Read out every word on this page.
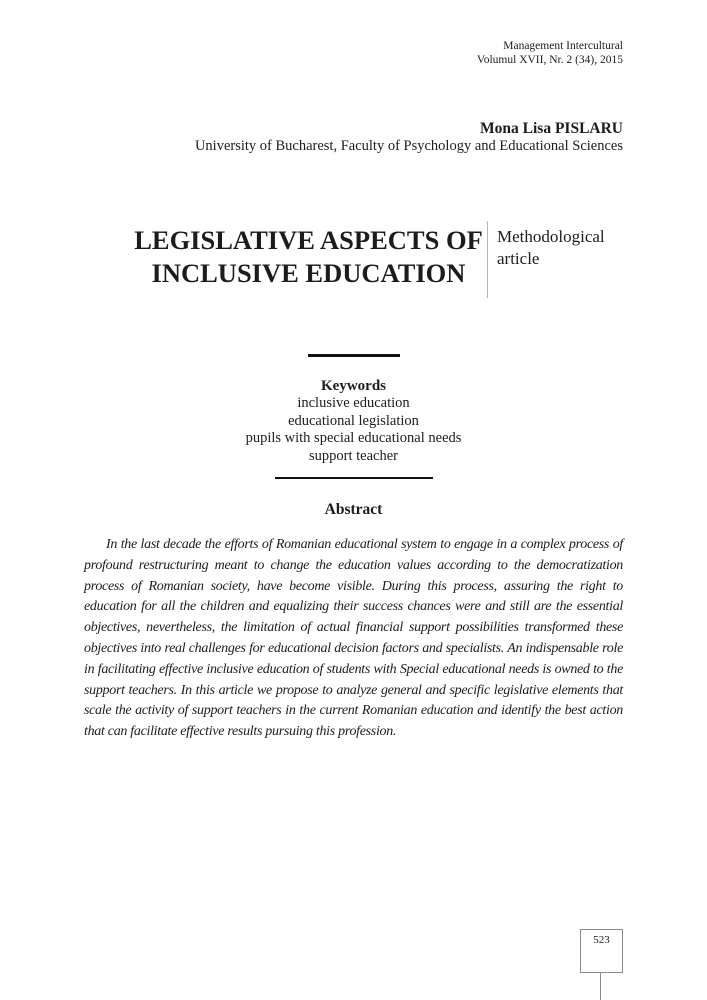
Management Intercultural
Volumul XVII, Nr. 2 (34), 2015
Mona Lisa PISLARU
University of Bucharest, Faculty of Psychology and Educational Sciences
LEGISLATIVE ASPECTS OF
INCLUSIVE EDUCATION
Methodological article
Keywords
inclusive education
educational legislation
pupils with special educational needs
support teacher
Abstract

In the last decade the efforts of Romanian educational system to engage in a complex process of profound restructuring meant to change the education values according to the democratization process of Romanian society, have become visible. During this process, assuring the right to education for all the children and equalizing their success chances were and still are the essential objectives, nevertheless, the limitation of actual financial support possibilities transformed these objectives into real challenges for educational decision factors and specialists. An indispensable role in facilitating effective inclusive education of students with Special educational needs is owned to the support teachers. In this article we propose to analyze general and specific legislative elements that scale the activity of support teachers in the current Romanian education and identify the best action that can facilitate effective results pursuing this profession.

523
